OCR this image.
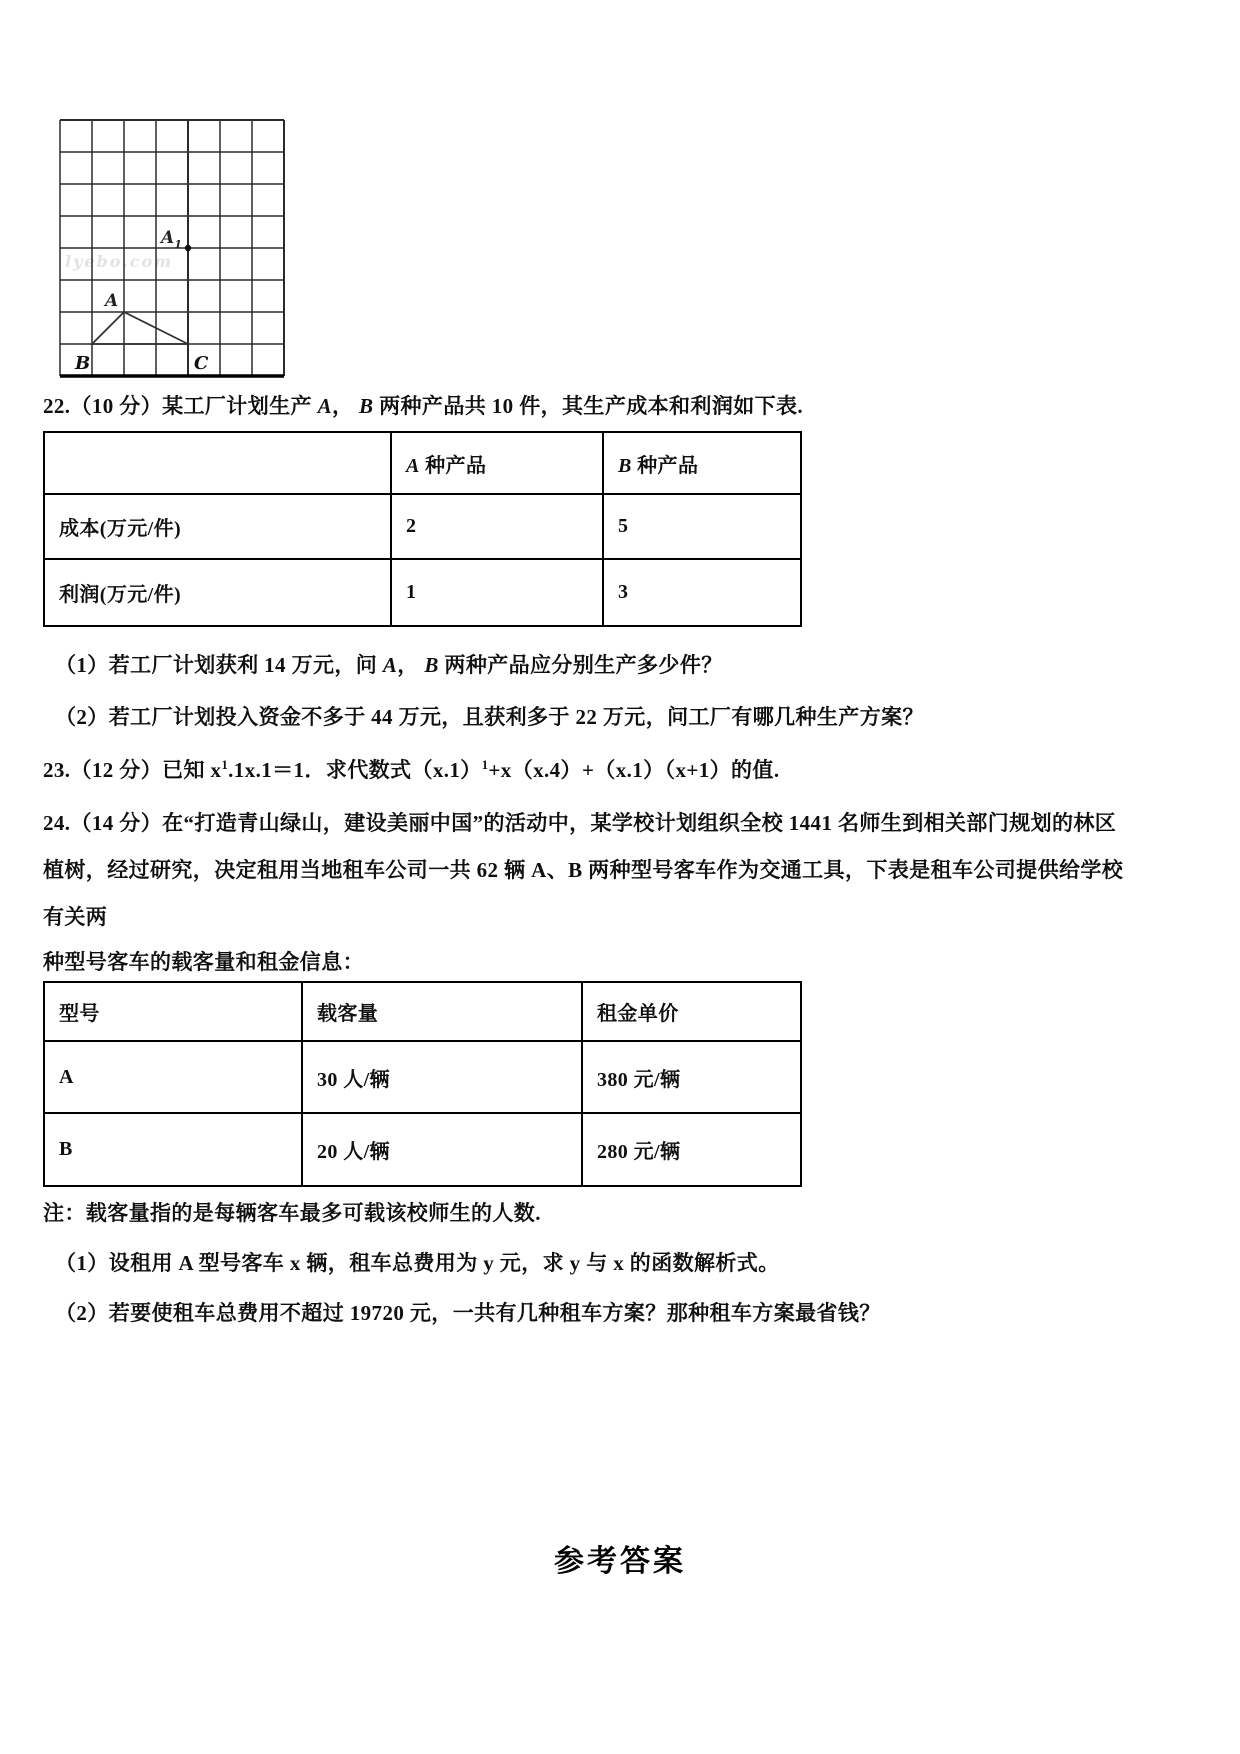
lyebo.com
$A_1$
A
B	C
22.（10 分）某工厂计划生产 A， B 两种产品共 10 件，其生产成本和利润如下表.
	A 种产品	B 种产品
成本(万元/件)	2	5
利润(万元/件)	1	3
（1）若工厂计划获利 14 万元，问 A， B 两种产品应分别生产多少件？
（2）若工厂计划投入资金不多于 44 万元，且获利多于 22 万元，问工厂有哪几种生产方案？
23.（12 分）已知 $x^1.1x.1=1$．求代数式$(x.1)^1+x(x.4)+(x.1)(x+1)$的值.
24.（14 分）在“打造青山绿山，建设美丽中国”的活动中，某学校计划组织全校 1441 名师生到相关部门规划的林区
植树，经过研究，决定租用当地租车公司一共 62 辆 A、B 两种型号客车作为交通工具，下表是租车公司提供给学校
有关两
种型号客车的载客量和租金信息：
型号	载客量	租金单价
A	30 人/辆	380 元/辆
B	20 人/辆	280 元/辆
注：载客量指的是每辆客车最多可载该校师生的人数.
（1）设租用 A 型号客车 x 辆，租车总费用为 y 元，求 y 与 x 的函数解析式。
（2）若要使租车总费用不超过 19720 元，一共有几种租车方案？那种租车方案最省钱？
参考答案
